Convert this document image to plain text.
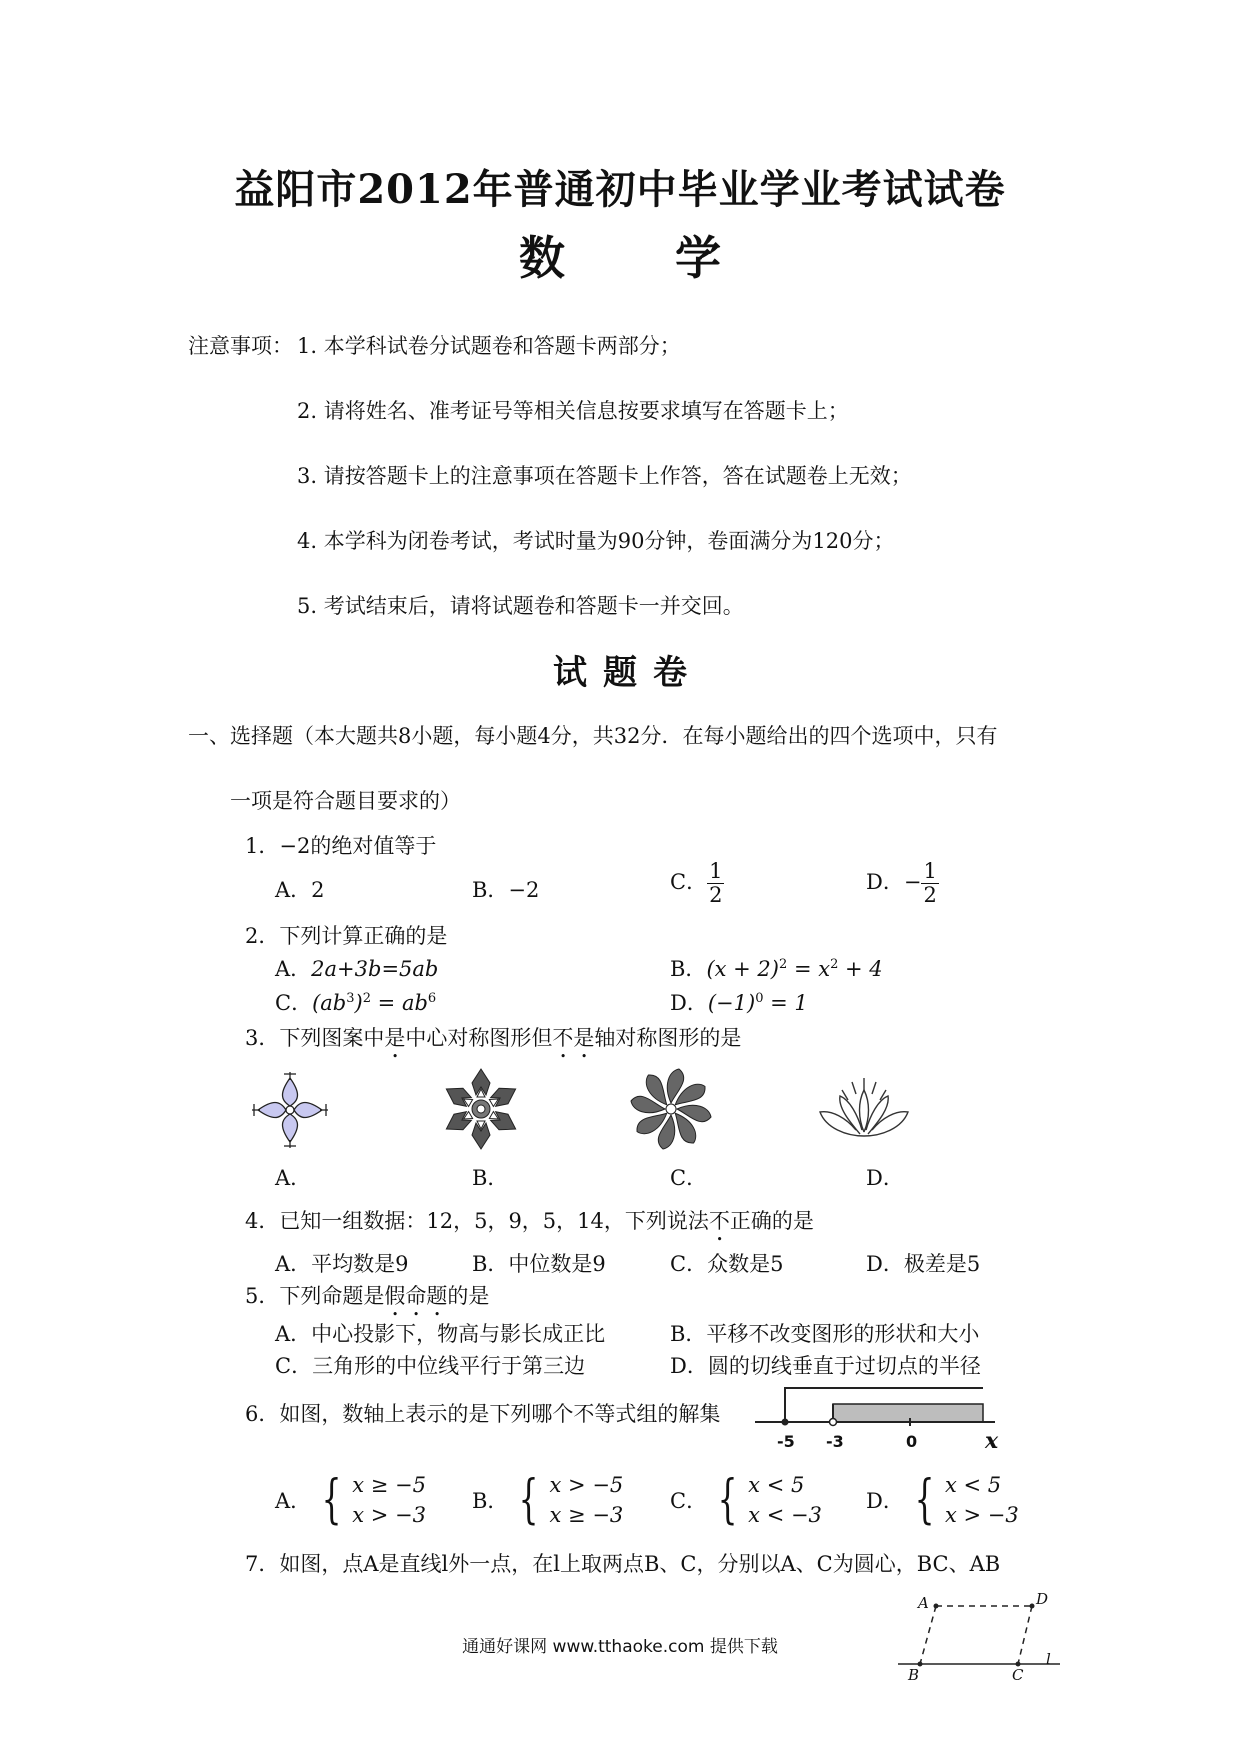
益阳市2012年普通初中毕业学业考试试卷
数学
注意事项： 1. 本学科试卷分试题卷和答题卡两部分；
2. 请将姓名、准考证号等相关信息按要求填写在答题卡上；
3. 请按答题卡上的注意事项在答题卡上作答，答在试题卷上无效；
4. 本学科为闭卷考试，考试时量为90分钟，卷面满分为120分；
5. 考试结束后，请将试题卷和答题卡一并交回。
试题卷
一、选择题（本大题共8小题，每小题4分，共32分．在每小题给出的四个选项中，只有
一项是符合题目要求的）
1．−2的绝对值等于
A．2	B．−2	C． $\frac{1}{2}$	D．− $\frac{1}{2}$
2．下列计算正确的是
A．2a+3b=5ab	B．$(x + 2)^2 = x^2 + 4$
C．$(ab^3)^2 = ab^6$	D．$(-1)^0 = 1$
3．下列图案中是中心对称图形但不是轴对称图形的是
A．	B．	C．	D．
4．已知一组数据：12，5，9，5，14，下列说法不正确的是
A．平均数是9	B．中位数是9	C．众数是5	D．极差是5
5．下列命题是假命题的是
A．中心投影下，物高与影长成正比	B．平移不改变图形的形状和大小
C．三角形的中位线平行于第三边	D．圆的切线垂直于过切点的半径
6．如图，数轴上表示的是下列哪个不等式组的解集
-5 -3	0	x
A． { x ≥ −5
x > −3
B． { x > −5
x ≥ −3
C． { x < 5
x < −3
D． { x < 5
x > −3
7．如图，点A是直线l外一点，在l上取两点B、C，分别以A、C为圆心，BC、AB
A	D
B	C
l
通通好课网 www.tthaoke.com 提供下载
